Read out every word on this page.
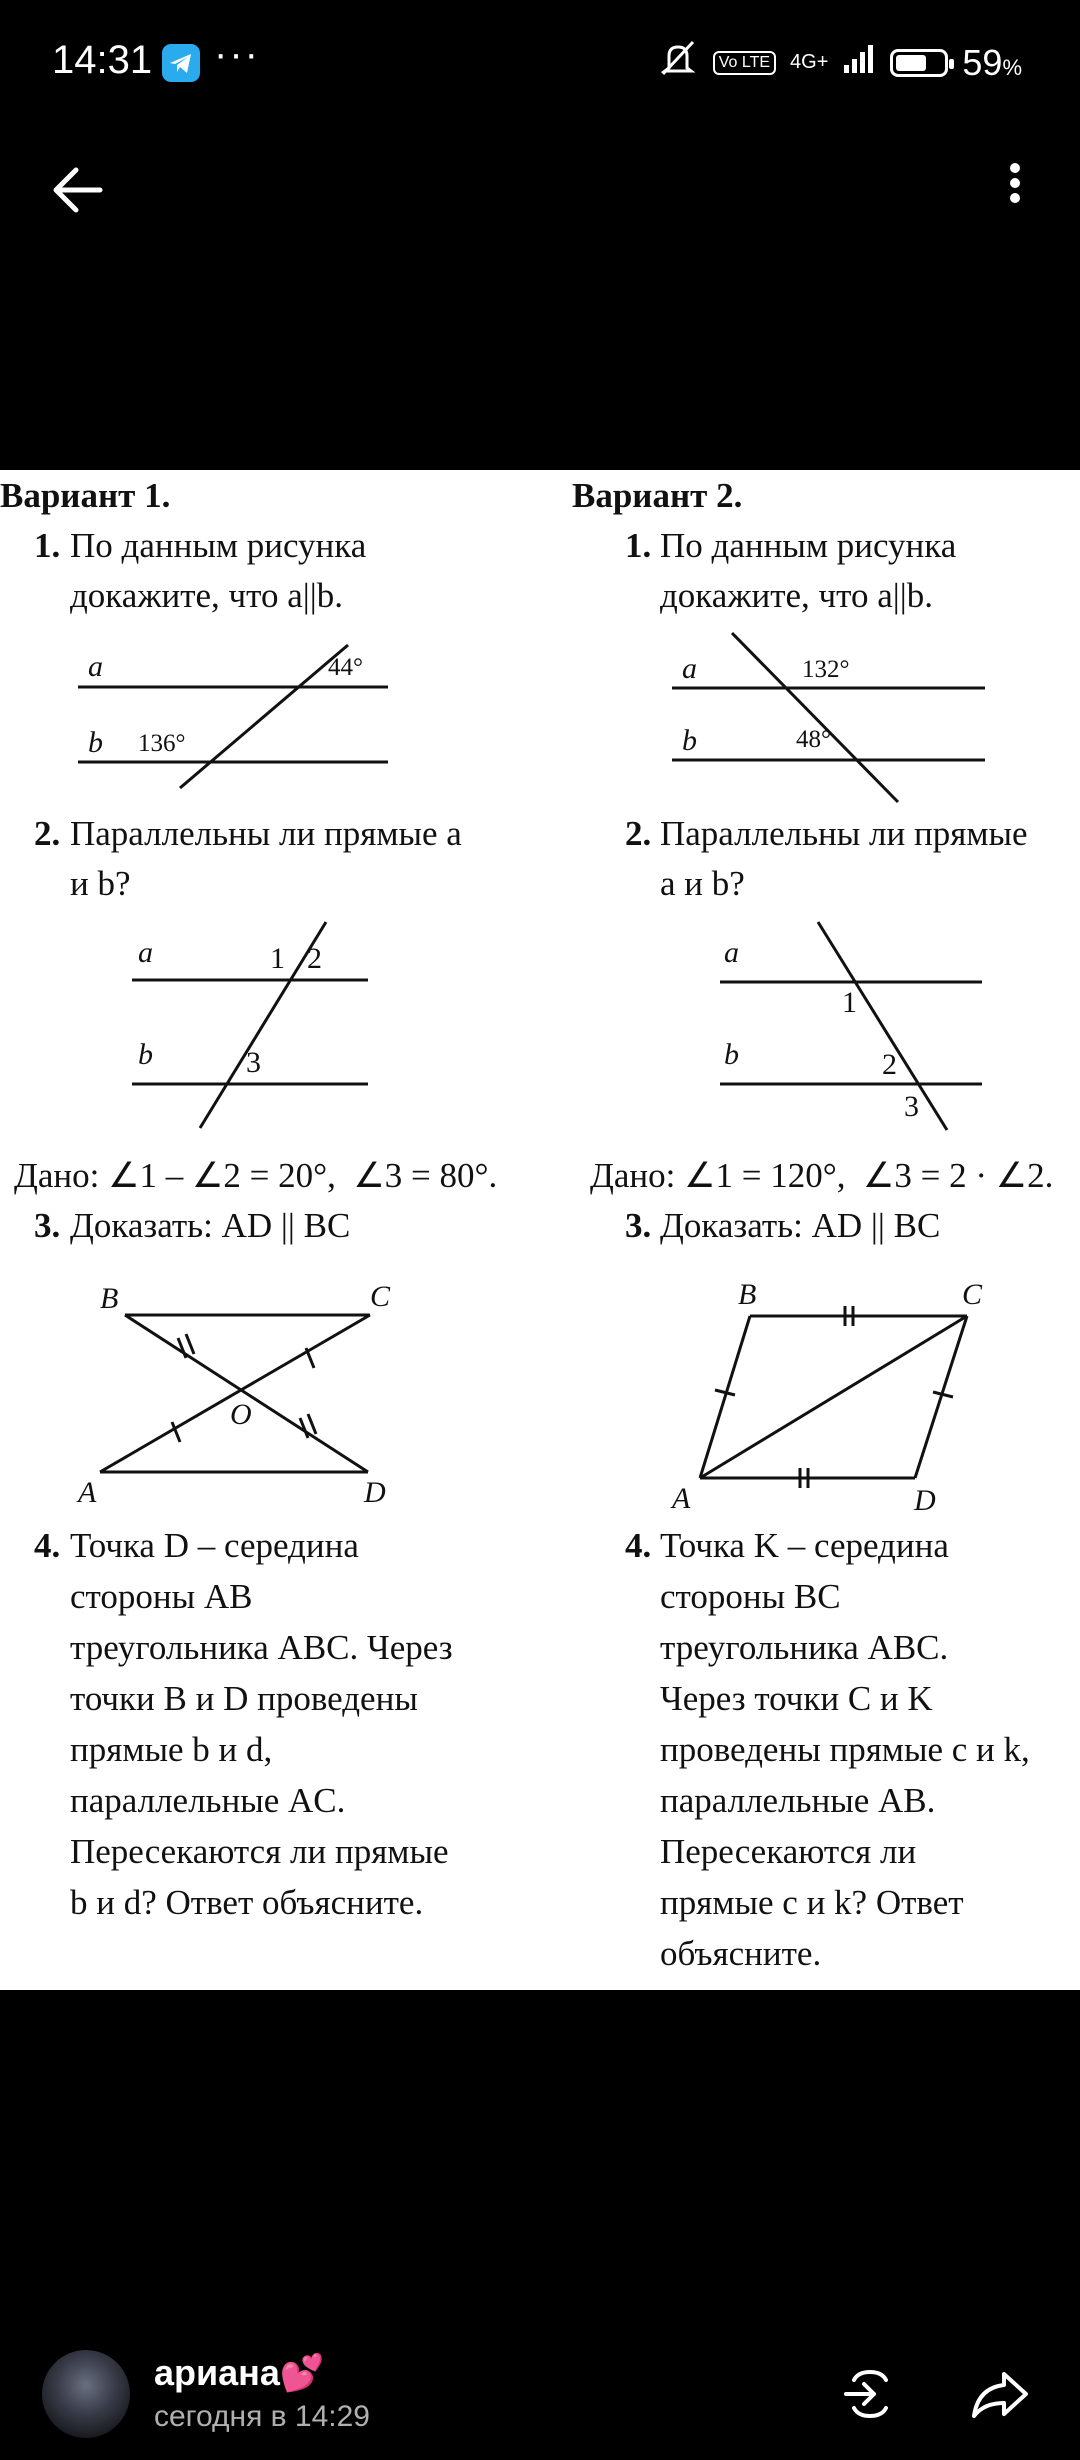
14:31 ···	Vo LTE	4G+	59%
Вариант 1.
1. По данным рисунка
докажите, что a||b.
a
b
44°
136°
Вариант 2.
1. По данным рисунка
докажите, что a||b.
a
b
132°
48°
2. Параллельны ли прямые a
и b?
2. Параллельны ли прямые
a и b?
a
b
1 2
3
a
b
1
2
3
Дано: ∠1 – ∠2 = 20°,  ∠3 = 80°.	Дано: ∠1 = 120°,  ∠3 = 2 · ∠2.
3. Доказать: AD || BC	3. Доказать: AD || BC
B	C
O
A	D
B	C
A	D
4. Точка D – середина
стороны AB
треугольника ABC. Через
точки B и D проведены
прямые b и d,
параллельные AC.
Пересекаются ли прямые
b и d? Ответ объясните.
4. Точка K – середина
стороны BC
треугольника ABC.
Через точки C и K
проведены прямые c и k,
параллельные AB.
Пересекаются ли
прямые c и k? Ответ
объясните.
ариана💕
сегодня в 14:29
